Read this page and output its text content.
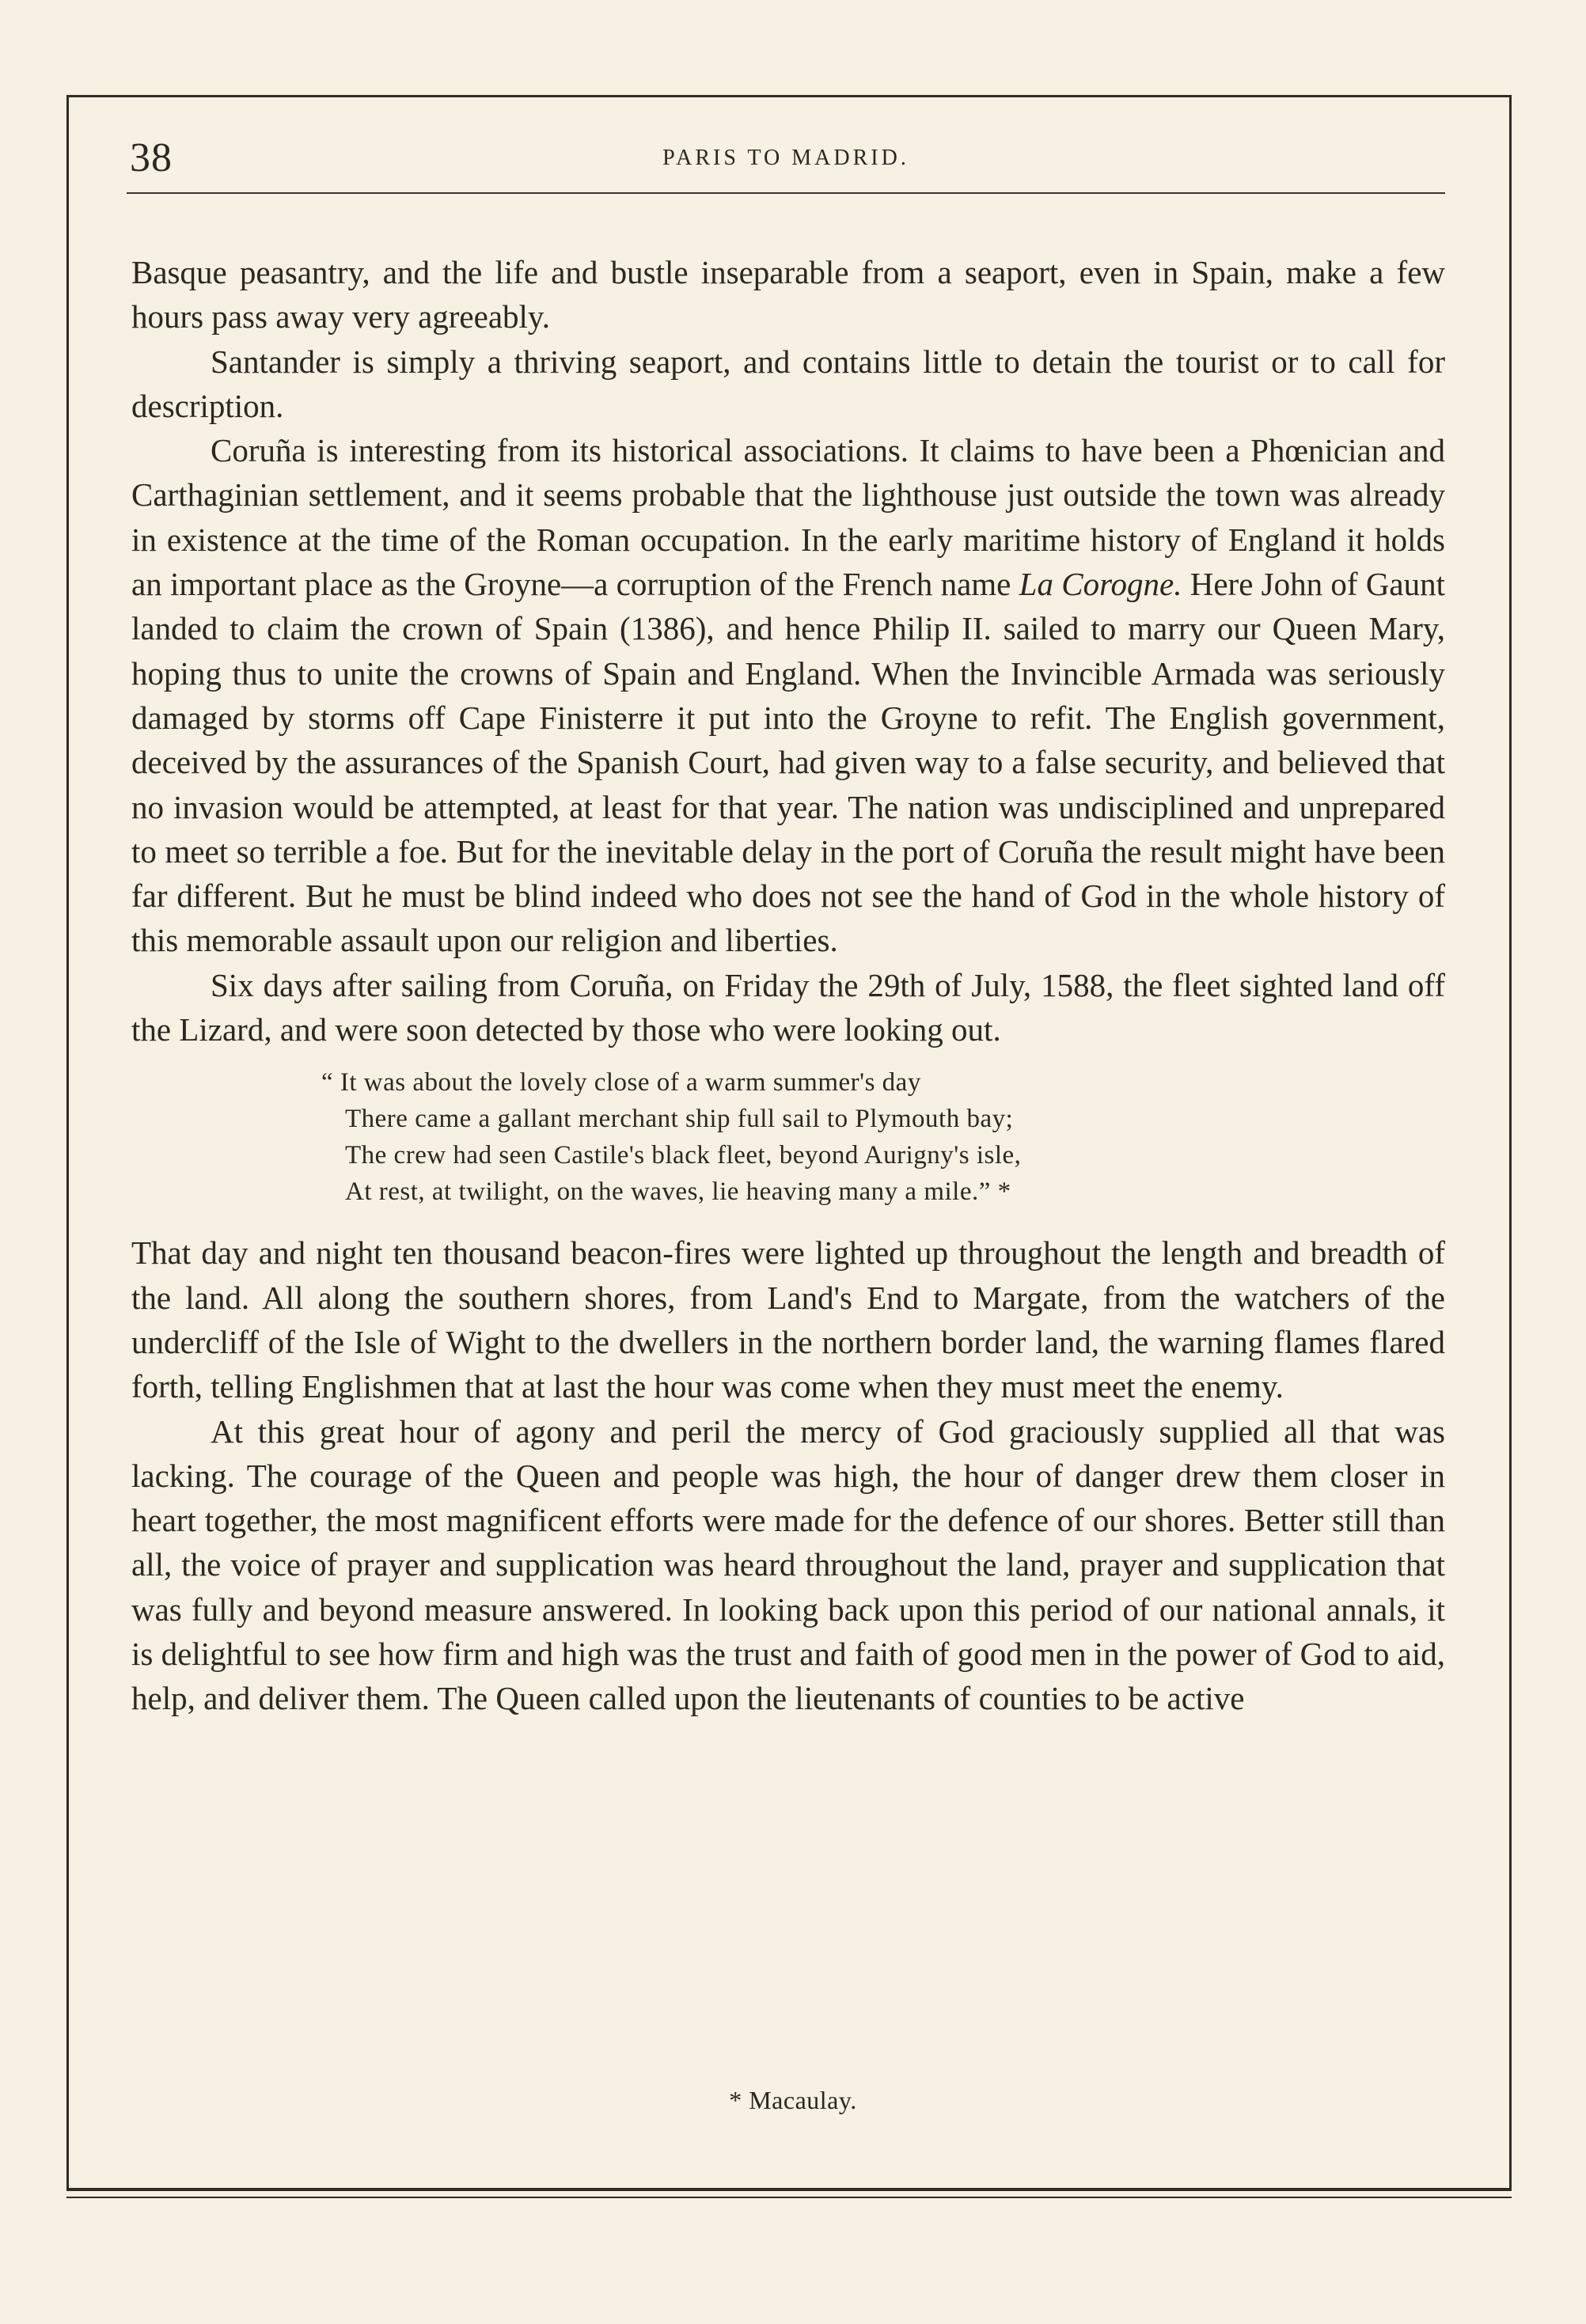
38	PARIS TO MADRID.

Basque peasantry, and the life and bustle inseparable from a seaport, even in Spain, make a few hours pass away very agreeably.

Santander is simply a thriving seaport, and contains little to detain the tourist or to call for description.

Coruña is interesting from its historical associations. It claims to have been a Phœnician and Carthaginian settlement, and it seems probable that the lighthouse just outside the town was already in existence at the time of the Roman occupation. In the early maritime history of England it holds an important place as the Groyne—a corruption of the French name La Corogne. Here John of Gaunt landed to claim the crown of Spain (1386), and hence Philip II. sailed to marry our Queen Mary, hoping thus to unite the crowns of Spain and England. When the Invincible Armada was seriously damaged by storms off Cape Finisterre it put into the Groyne to refit. The English government, deceived by the assurances of the Spanish Court, had given way to a false security, and believed that no invasion would be attempted, at least for that year. The nation was undisciplined and unprepared to meet so terrible a foe. But for the inevitable delay in the port of Coruña the result might have been far different. But he must be blind indeed who does not see the hand of God in the whole history of this memorable assault upon our religion and liberties.

Six days after sailing from Coruña, on Friday the 29th of July, 1588, the fleet sighted land off the Lizard, and were soon detected by those who were looking out.

“ It was about the lovely close of a warm summer's day
There came a gallant merchant ship full sail to Plymouth bay;
The crew had seen Castile's black fleet, beyond Aurigny's isle,
At rest, at twilight, on the waves, lie heaving many a mile.” *

That day and night ten thousand beacon-fires were lighted up throughout the length and breadth of the land. All along the southern shores, from Land's End to Margate, from the watchers of the undercliff of the Isle of Wight to the dwellers in the northern border land, the warning flames flared forth, telling Englishmen that at last the hour was come when they must meet the enemy.

At this great hour of agony and peril the mercy of God graciously supplied all that was lacking. The courage of the Queen and people was high, the hour of danger drew them closer in heart together, the most magnificent efforts were made for the defence of our shores. Better still than all, the voice of prayer and supplication was heard throughout the land, prayer and supplication that was fully and beyond measure answered. In looking back upon this period of our national annals, it is delightful to see how firm and high was the trust and faith of good men in the power of God to aid, help, and deliver them. The Queen called upon the lieutenants of counties to be active

* Macaulay.
